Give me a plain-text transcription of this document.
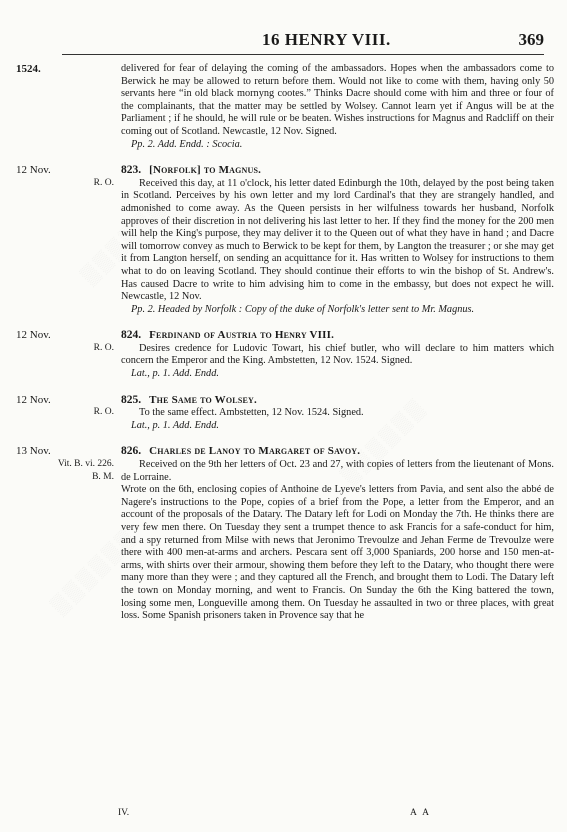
▒▒▒▒▒▒
▒▒▒▒▒▒
▒▒▒▒▒▒
16 HENRY VIII.	369
1524.	delivered for fear of delaying the coming of the ambassadors. Hopes when the ambassadors come to Berwick he may be allowed to return before them. Would not like to come with them, having only 50 servants here “in old black mornyng cootes.” Thinks Dacre should come with him and three or four of the complainants, that the matter may be settled by Wolsey. Cannot learn yet if Angus will be at the Parliament ; if he should, he will rule or be beaten. Wishes instructions for Magnus and Radcliff on their coming out of Scotland. Newcastle, 12 Nov. Signed.

Pp. 2. Add. Endd. : Scocia.

12 Nov.
R. O.
823. [Norfolk] to Magnus.

Received this day, at 11 o'clock, his letter dated Edinburgh the 10th, delayed by the post being taken in Scotland. Perceives by his own letter and my lord Cardinal's that they are strangely handled, and admonished to come away. As the Queen persists in her wilfulness towards her husband, Norfolk approves of their discretion in not delivering his last letter to her. If they find the money for the 200 men will help the King's purpose, they may deliver it to the Queen out of what they have in hand ; and Dacre will tomorrow convey as much to Berwick to be kept for them, by Langton the treasurer ; or she may get it from Langton herself, on sending an acquittance for it. Has written to Wolsey for instructions to them what to do on leaving Scotland. They should continue their efforts to win the bishop of St. Andrew's. Has caused Dacre to write to him advising him to come in the embassy, but does not expect he will. Newcastle, 12 Nov.

Pp. 2. Headed by Norfolk : Copy of the duke of Norfolk's letter sent to Mr. Magnus.

12 Nov.
R. O.
824. Ferdinand of Austria to Henry VIII.

Desires credence for Ludovic Towart, his chief butler, who will declare to him matters which concern the Emperor and the King. Ambstetten, 12 Nov. 1524. Signed.

Lat., p. 1. Add. Endd.

12 Nov.
R. O.
825. The Same to Wolsey.

To the same effect. Ambstetten, 12 Nov. 1524. Signed.

Lat., p. 1. Add. Endd.

13 Nov.
Vit. B. vi. 226.
B. M.
826. Charles de Lanoy to Margaret of Savoy.

Received on the 9th her letters of Oct. 23 and 27, with copies of letters from the lieutenant of Mons. de Lorraine.

Wrote on the 6th, enclosing copies of Anthoine de Lyeve's letters from Pavia, and sent also the abbé de Nagere's instructions to the Pope, copies of a brief from the Pope, a letter from the Emperor, and an account of the proposals of the Datary. The Datary left for Lodi on Monday the 7th. He thinks there are very few men there. On Tuesday they sent a trumpet thence to ask Francis for a safe-conduct for him, and a spy returned from Milse with news that Jeronimo Trevoulze and Jehan Ferme de Trevoulze were there with 400 men-at-arms and archers. Pescara sent off 3,000 Spaniards, 200 horse and 150 men-at-arms, with shirts over their armour, showing them before they left to the Datary, who thought there were many more than they were ; and they captured all the French, and brought them to Lodi. The Datary left the town on Monday morning, and went to Francis. On Sunday the 6th the King battered the town, losing some men, Longueville among them. On Tuesday he assaulted in two or three places, with great loss. Some Spanish prisoners taken in Provence say that he

IV.	A A
